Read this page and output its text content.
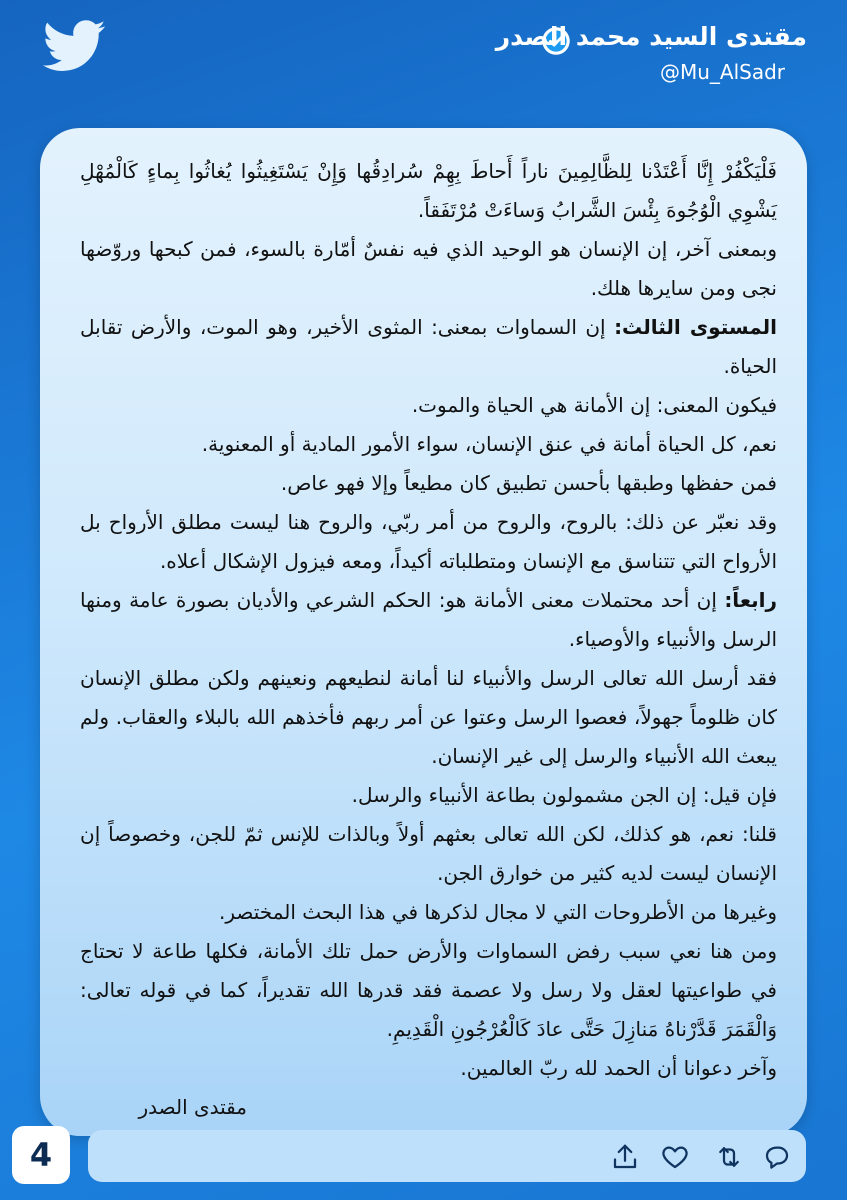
مقتدى السيد محمد الصدر
@Mu_AlSadr

فَلْيَكْفُرْ إِنَّا أَعْتَدْنا لِلظَّالِمِينَ ناراً أَحاطَ بِهِمْ سُرادِقُها وَإِنْ يَسْتَغِيثُوا يُغاثُوا بِماءٍ كَالْمُهْلِ يَشْوِي الْوُجُوهَ بِئْسَ الشَّرابُ وَساءَتْ مُرْتَفَقاً.

وبمعنى آخر، إن الإنسان هو الوحيد الذي فيه نفسٌ أمّارة بالسوء، فمن كبحها وروّضها نجى ومن سايرها هلك.

المستوى الثالث: إن السماوات بمعنى: المثوى الأخير، وهو الموت، والأرض تقابل الحياة.

فيكون المعنى: إن الأمانة هي الحياة والموت.

نعم، كل الحياة أمانة في عنق الإنسان، سواء الأمور المادية أو المعنوية.

فمن حفظها وطبقها بأحسن تطبيق كان مطيعاً وإلا فهو عاص.

وقد نعبّر عن ذلك: بالروح، والروح من أمر ربّي، والروح هنا ليست مطلق الأرواح بل الأرواح التي تتناسق مع الإنسان ومتطلباته أكيداً، ومعه فيزول الإشكال أعلاه.

رابعاً: إن أحد محتملات معنى الأمانة هو: الحكم الشرعي والأديان بصورة عامة ومنها الرسل والأنبياء والأوصياء.

فقد أرسل الله تعالى الرسل والأنبياء لنا أمانة لنطيعهم ونعينهم ولكن مطلق الإنسان كان ظلوماً جهولاً، فعصوا الرسل وعتوا عن أمر ربهم فأخذهم الله بالبلاء والعقاب. ولم يبعث الله الأنبياء والرسل إلى غير الإنسان.

فإن قيل: إن الجن مشمولون بطاعة الأنبياء والرسل.

قلنا: نعم، هو كذلك، لكن الله تعالى بعثهم أولاً وبالذات للإنس ثمّ للجن، وخصوصاً إن الإنسان ليست لديه كثير من خوارق الجن.

وغيرها من الأطروحات التي لا مجال لذكرها في هذا البحث المختصر.

ومن هنا نعي سبب رفض السماوات والأرض حمل تلك الأمانة، فكلها طاعة لا تحتاج في طواعيتها لعقل ولا رسل ولا عصمة فقد قدرها الله تقديراً، كما في قوله تعالى: وَالْقَمَرَ قَدَّرْناهُ مَنازِلَ حَتَّى عادَ كَالْعُرْجُونِ الْقَدِيمِ.

وآخر دعوانا أن الحمد لله ربّ العالمين.

مقتدى الصدر

4
